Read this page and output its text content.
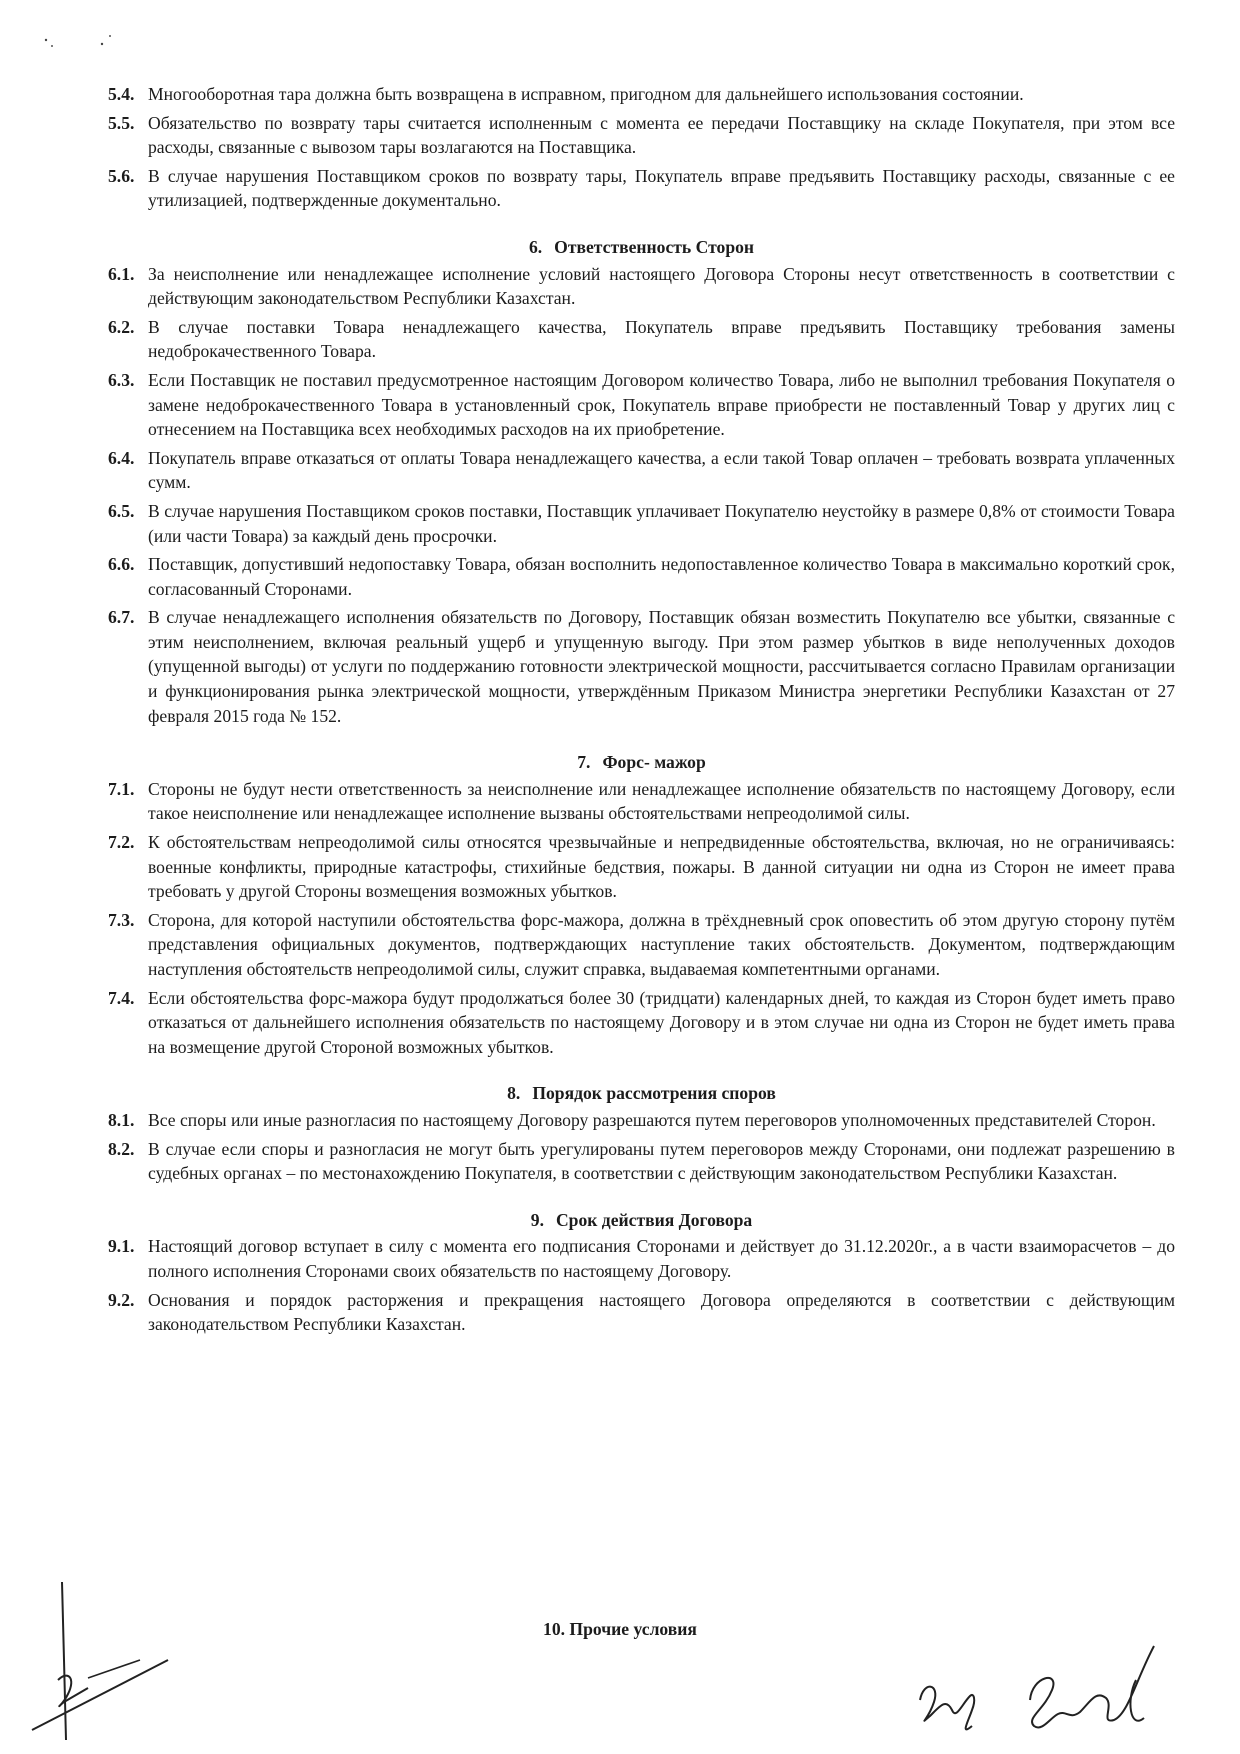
5.4. Многооборотная тара должна быть возвращена в исправном, пригодном для дальнейшего использования состоянии.
5.5. Обязательство по возврату тары считается исполненным с момента ее передачи Поставщику на складе Покупателя, при этом все расходы, связанные с вывозом тары возлагаются на Поставщика.
5.6. В случае нарушения Поставщиком сроков по возврату тары, Покупатель вправе предъявить Поставщику расходы, связанные с ее утилизацией, подтвержденные документально.
6. Ответственность Сторон
6.1. За неисполнение или ненадлежащее исполнение условий настоящего Договора Стороны несут ответственность в соответствии с действующим законодательством Республики Казахстан.
6.2. В случае поставки Товара ненадлежащего качества, Покупатель вправе предъявить Поставщику требования замены недоброкачественного Товара.
6.3. Если Поставщик не поставил предусмотренное настоящим Договором количество Товара, либо не выполнил требования Покупателя о замене недоброкачественного Товара в установленный срок, Покупатель вправе приобрести не поставленный Товар у других лиц с отнесением на Поставщика всех необходимых расходов на их приобретение.
6.4. Покупатель вправе отказаться от оплаты Товара ненадлежащего качества, а если такой Товар оплачен – требовать возврата уплаченных сумм.
6.5. В случае нарушения Поставщиком сроков поставки, Поставщик уплачивает Покупателю неустойку в размере 0,8% от стоимости Товара (или части Товара) за каждый день просрочки.
6.6. Поставщик, допустивший недопоставку Товара, обязан восполнить недопоставленное количество Товара в максимально короткий срок, согласованный Сторонами.
6.7. В случае ненадлежащего исполнения обязательств по Договору, Поставщик обязан возместить Покупателю все убытки, связанные с этим неисполнением, включая реальный ущерб и упущенную выгоду. При этом размер убытков в виде неполученных доходов (упущенной выгоды) от услуги по поддержанию готовности электрической мощности, рассчитывается согласно Правилам организации и функционирования рынка электрической мощности, утверждённым Приказом Министра энергетики Республики Казахстан от 27 февраля 2015 года № 152.
7. Форс- мажор
7.1. Стороны не будут нести ответственность за неисполнение или ненадлежащее исполнение обязательств по настоящему Договору, если такое неисполнение или ненадлежащее исполнение вызваны обстоятельствами непреодолимой силы.
7.2. К обстоятельствам непреодолимой силы относятся чрезвычайные и непредвиденные обстоятельства, включая, но не ограничиваясь: военные конфликты, природные катастрофы, стихийные бедствия, пожары. В данной ситуации ни одна из Сторон не имеет права требовать у другой Стороны возмещения возможных убытков.
7.3. Сторона, для которой наступили обстоятельства форс-мажора, должна в трёхдневный срок оповестить об этом другую сторону путём представления официальных документов, подтверждающих наступление таких обстоятельств. Документом, подтверждающим наступления обстоятельств непреодолимой силы, служит справка, выдаваемая компетентными органами.
7.4. Если обстоятельства форс-мажора будут продолжаться более 30 (тридцати) календарных дней, то каждая из Сторон будет иметь право отказаться от дальнейшего исполнения обязательств по настоящему Договору и в этом случае ни одна из Сторон не будет иметь права на возмещение другой Стороной возможных убытков.
8. Порядок рассмотрения споров
8.1. Все споры или иные разногласия по настоящему Договору разрешаются путем переговоров уполномоченных представителей Сторон.
8.2. В случае если споры и разногласия не могут быть урегулированы путем переговоров между Сторонами, они подлежат разрешению в судебных органах – по местонахождению Покупателя, в соответствии с действующим законодательством Республики Казахстан.
9. Срок действия Договора
9.1. Настоящий договор вступает в силу с момента его подписания Сторонами и действует до 31.12.2020г., а в части взаиморасчетов – до полного исполнения Сторонами своих обязательств по настоящему Договору.
9.2. Основания и порядок расторжения и прекращения настоящего Договора определяются в соответствии с действующим законодательством Республики Казахстан.
10. Прочие условия
